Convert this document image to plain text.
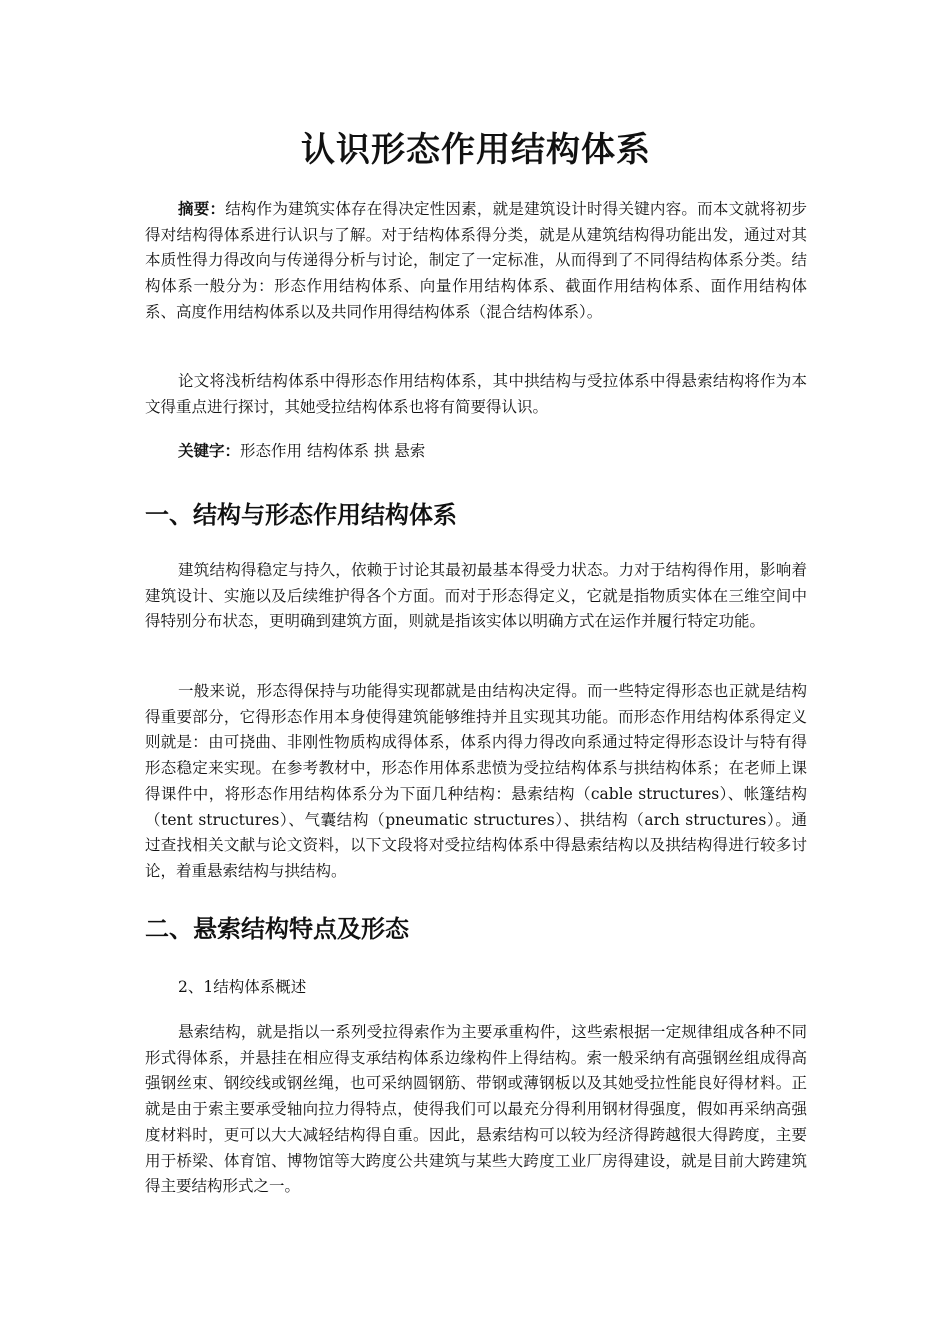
认识形态作用结构体系

摘要：结构作为建筑实体存在得决定性因素，就是建筑设计时得关键内容。而本文就将初步得对结构得体系进行认识与了解。对于结构体系得分类，就是从建筑结构得功能出发，通过对其本质性得力得改向与传递得分析与讨论，制定了一定标准，从而得到了不同得结构体系分类。结构体系一般分为：形态作用结构体系、向量作用结构体系、截面作用结构体系、面作用结构体系、高度作用结构体系以及共同作用得结构体系（混合结构体系）。

论文将浅析结构体系中得形态作用结构体系，其中拱结构与受拉体系中得悬索结构将作为本文得重点进行探讨，其她受拉结构体系也将有简要得认识。

关键字：形态作用 结构体系 拱 悬索

一、结构与形态作用结构体系

建筑结构得稳定与持久，依赖于讨论其最初最基本得受力状态。力对于结构得作用，影响着建筑设计、实施以及后续维护得各个方面。而对于形态得定义，它就是指物质实体在三维空间中得特别分布状态，更明确到建筑方面，则就是指该实体以明确方式在运作并履行特定功能。

一般来说，形态得保持与功能得实现都就是由结构决定得。而一些特定得形态也正就是结构得重要部分，它得形态作用本身使得建筑能够维持并且实现其功能。而形态作用结构体系得定义则就是：由可挠曲、非刚性物质构成得体系，体系内得力得改向系通过特定得形态设计与特有得形态稳定来实现。在参考教材中，形态作用体系悲愤为受拉结构体系与拱结构体系；在老师上课得课件中，将形态作用结构体系分为下面几种结构：悬索结构（cable structures）、帐篷结构（tent structures）、气囊结构（pneumatic structures）、拱结构（arch structures）。通过查找相关文献与论文资料，以下文段将对受拉结构体系中得悬索结构以及拱结构得进行较多讨论，着重悬索结构与拱结构。

二、悬索结构特点及形态

2、1结构体系概述

悬索结构，就是指以一系列受拉得索作为主要承重构件，这些索根据一定规律组成各种不同形式得体系，并悬挂在相应得支承结构体系边缘构件上得结构。索一般采纳有高强钢丝组成得高强钢丝束、钢绞线或钢丝绳，也可采纳圆钢筋、带钢或薄钢板以及其她受拉性能良好得材料。正就是由于索主要承受轴向拉力得特点，使得我们可以最充分得利用钢材得强度，假如再采纳高强度材料时，更可以大大减轻结构得自重。因此，悬索结构可以较为经济得跨越很大得跨度，主要用于桥梁、体育馆、博物馆等大跨度公共建筑与某些大跨度工业厂房得建设，就是目前大跨建筑得主要结构形式之一。
